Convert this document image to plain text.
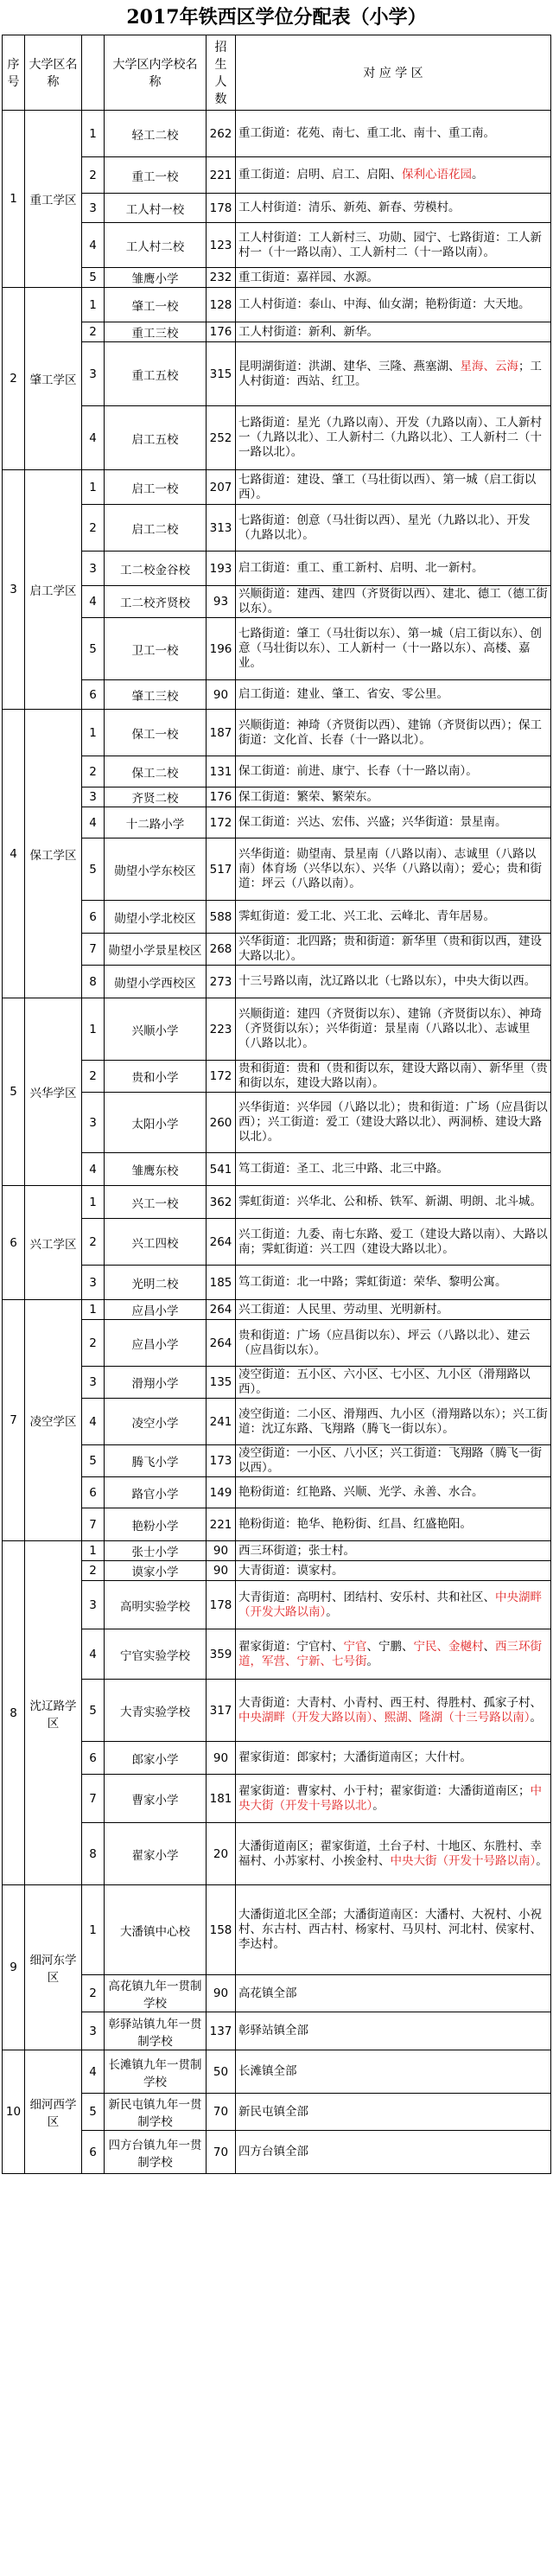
2017年铁西区学位分配表（小学）
序号	大学区名称		大学区内学校名称	招生人数	对 应 学 区
1	重工学区	1	轻工二校	262	重工街道：花苑、南七、重工北、南十、重工南。
		2	重工一校	221	重工街道：启明、启工、启阳、保利心语花园。
		3	工人村一校	178	工人村街道：清乐、新苑、新春、劳模村。
		4	工人村二校	123	工人村街道：工人新村三、功勋、园宁、七路街道：工人新村一（十一路以南）、工人新村二（十一路以南）。
		5	雏鹰小学	232	重工街道：嘉祥园、水源。
2	肇工学区	1	肇工一校	128	工人村街道：泰山、中海、仙女湖；艳粉街道：大天地。
		2	重工三校	176	工人村街道：新利、新华。
		3	重工五校	315	昆明湖街道：洪湖、建华、三隆、燕塞湖、星海、云海；工人村街道：西站、红卫。
		4	启工五校	252	七路街道：星光（九路以南）、开发（九路以南）、工人新村一（九路以北）、工人新村二（九路以北）、工人新村二（十一路以北）。
3	启工学区	1	启工一校	207	七路街道：建设、肇工（马壮街以西）、第一城（启工街以西）。
		2	启工二校	313	七路街道：创意（马壮街以西）、星光（九路以北）、开发（九路以北）。
		3	工二校金谷校	193	启工街道：重工、重工新村、启明、北一新村。
		4	工二校齐贤校	93	兴顺街道：建西、建四（齐贤街以西）、建北、德工（德工街以东）。
		5	卫工一校	196	七路街道：肇工（马壮街以东）、第一城（启工街以东）、创意（马壮街以东）、工人新村一（十一路以东）、高楼、嘉业。
		6	肇工三校	90	启工街道：建业、肇工、省安、零公里。
4	保工学区	1	保工一校	187	兴顺街道：神琦（齐贤街以西）、建锦（齐贤街以西）；保工街道：文化首、长春（十一路以北）。
		2	保工二校	131	保工街道：前进、康宁、长春（十一路以南）。
		3	齐贤二校	176	保工街道：繁荣、繁荣东。
		4	十二路小学	172	保工街道：兴达、宏伟、兴盛；兴华街道：景星南。
		5	勋望小学东校区	517	兴华街道：勋望南、景星南（八路以南）、志诚里（八路以南）体育场（兴华以东）、兴华（八路以南）；爱心；贵和街道：坪云（八路以南）。
		6	勋望小学北校区	588	霁虹街道：爱工北、兴工北、云峰北、青年居易。
		7	勋望小学景星校区	268	兴华街道：北四路；贵和街道：新华里（贵和街以西，建设大路以北）。
		8	勋望小学西校区	273	十三号路以南，沈辽路以北（七路以东），中央大街以西。
5	兴华学区	1	兴顺小学	223	兴顺街道：建四（齐贤街以东）、建锦（齐贤街以东）、神琦（齐贤街以东）；兴华街道：景星南（八路以北）、志诚里（八路以北）。
		2	贵和小学	172	贵和街道：贵和（贵和街以东，建设大路以南）、新华里（贵和街以东，建设大路以南）。
		3	太阳小学	260	兴华街道：兴华园（八路以北）；贵和街道：广场（应昌街以西）；兴工街道：爱工（建设大路以北）、两洞桥、建设大路以北）。
		4	雏鹰东校	541	笃工街道：圣工、北三中路、北三中路。
6	兴工学区	1	兴工一校	362	霁虹街道：兴华北、公和桥、铁军、新湖、明朗、北斗城。
		2	兴工四校	264	兴工街道：九委、南七东路、爱工（建设大路以南）、大路以南；霁虹街道：兴工四（建设大路以北）。
		3	光明二校	185	笃工街道：北一中路；霁虹街道：荣华、黎明公寓。
7	凌空学区	1	应昌小学	264	兴工街道：人民里、劳动里、光明新村。
		2	应昌小学	264	贵和街道：广场（应昌街以东）、坪云（八路以北）、建云（应昌街以东）。
		3	滑翔小学	135	凌空街道：五小区、六小区、七小区、九小区（滑翔路以西）。
		4	凌空小学	241	凌空街道：二小区、滑翔西、九小区（滑翔路以东）；兴工街道：沈辽东路、飞翔路（腾飞一街以东）。
		5	腾飞小学	173	凌空街道：一小区、八小区；兴工街道：飞翔路（腾飞一街以西）。
		6	路官小学	149	艳粉街道：红艳路、兴顺、光学、永善、水合。
		7	艳粉小学	221	艳粉街道：艳华、艳粉街、红昌、红盛艳阳。
8	沈辽路学区	1	张士小学	90	西三环街道；张士村。
		2	谟家小学	90	大青街道：谟家村。
		3	高明实验学校	178	大青街道：高明村、团结村、安乐村、共和社区、中央湖畔（开发大路以南）。
		4	宁官实验学校	359	翟家街道：宁官村、宁官、宁鹏、宁民、金樾村、西三环街道，军营、宁新、七号街。
		5	大青实验学校	317	大青街道：大青村、小青村、西王村、得胜村、孤家子村、中央湖畔（开发大路以南）、熙湖、隆湖（十三号路以南）。
		6	郎家小学	90	翟家街道：郎家村；大潘街道南区；大什村。
		7	曹家小学	181	翟家街道：曹家村、小于村；翟家街道：大潘街道南区；中央大街（开发十号路以北）。
		8	翟家小学	20	大潘街道南区；翟家街道，土台子村、十地区、东胜村、幸福村、小苏家村、小挨金村、中央大街（开发十号路以南）。
9	细河东学区	1	大潘镇中心校	158	大潘街道北区全部；大潘街道南区：大潘村、大祝村、小祝村、东古村、西古村、杨家村、马贝村、河北村、侯家村、李达村。
		2	高花镇九年一贯制学校	90	高花镇全部
		3	彰驿站镇九年一贯制学校	137	彰驿站镇全部
10	细河西学区	4	长滩镇九年一贯制学校	50	长滩镇全部
		5	新民屯镇九年一贯制学校	70	新民屯镇全部
		6	四方台镇九年一贯制学校	70	四方台镇全部
